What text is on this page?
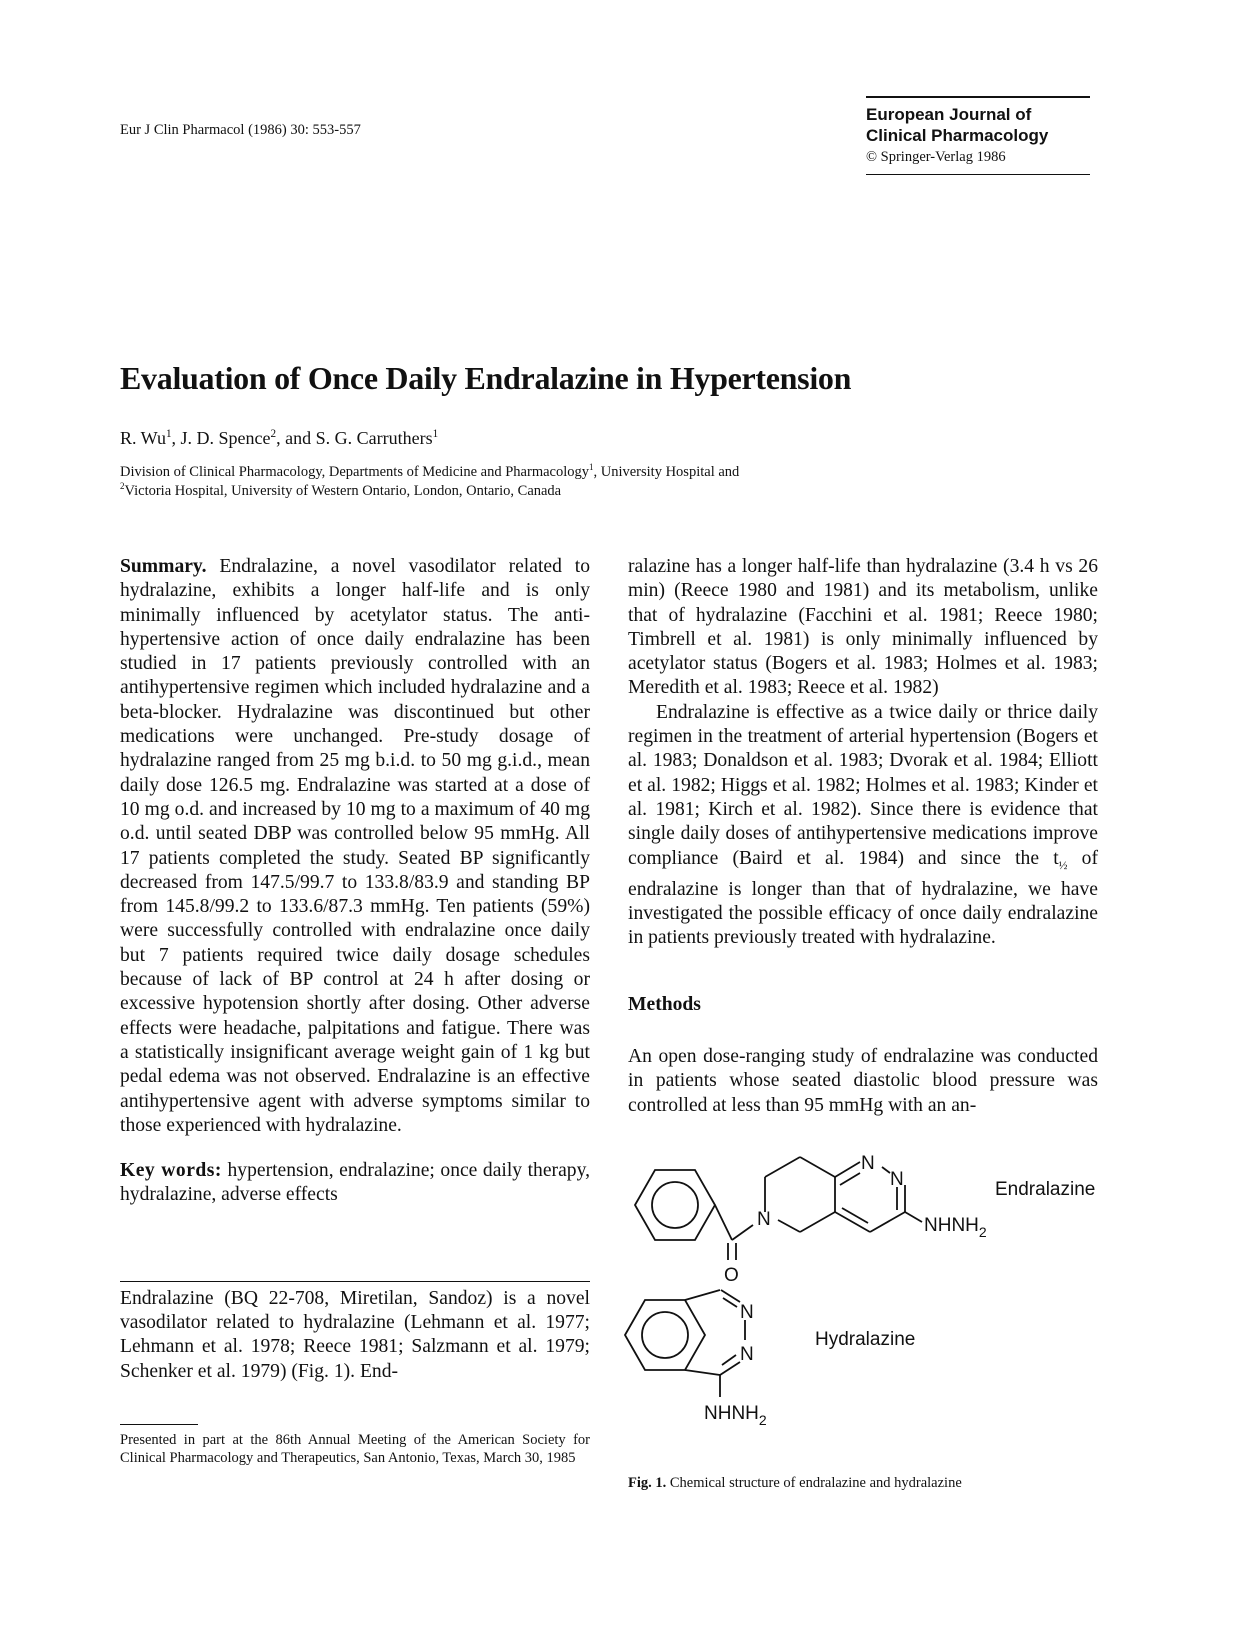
Eur J Clin Pharmacol (1986) 30: 553-557
European Journal of
Clinical Pharmacology
© Springer-Verlag 1986
Evaluation of Once Daily Endralazine in Hypertension
R. Wu$^1$, J. D. Spence$^2$, and S. G. Carruthers$^1$
Division of Clinical Pharmacology, Departments of Medicine and Pharmacology$^1$, University Hospital and
$^2$Victoria Hospital, University of Western Ontario, London, Ontario, Canada

Summary. Endralazine, a novel vasodilator related to hydralazine, exhibits a longer half-life and is only minimally influenced by acetylator status. The anti-hypertensive action of once daily endralazine has been studied in 17 patients previously controlled with an antihypertensive regimen which included hydralazine and a beta-blocker. Hydralazine was discontinued but other medications were unchanged. Pre-study dosage of hydralazine ranged from 25 mg b.i.d. to 50 mg g.i.d., mean daily dose 126.5 mg. Endralazine was started at a dose of 10 mg o.d. and increased by 10 mg to a maximum of 40 mg o.d. until seated DBP was controlled below 95 mmHg. All 17 patients completed the study. Seated BP significantly decreased from 147.5/99.7 to 133.8/83.9 and standing BP from 145.8/99.2 to 133.6/87.3 mmHg. Ten patients (59%) were successfully controlled with endralazine once daily but 7 patients required twice daily dosage schedules because of lack of BP control at 24 h after dosing or excessive hypotension shortly after dosing. Other adverse effects were headache, palpitations and fatigue. There was a statistically insignificant average weight gain of 1 kg but pedal edema was not observed. Endralazine is an effective antihypertensive agent with adverse symptoms similar to those experienced with hydralazine.

Key words: hypertension, endralazine; once daily therapy, hydralazine, adverse effects

Endralazine (BQ 22-708, Miretilan, Sandoz) is a novel vasodilator related to hydralazine (Lehmann et al. 1977; Lehmann et al. 1978; Reece 1981; Salzmann et al. 1979; Schenker et al. 1979) (Fig. 1). End-

Presented in part at the 86th Annual Meeting of the American Society for Clinical Pharmacology and Therapeutics, San Antonio, Texas, March 30, 1985

ralazine has a longer half-life than hydralazine (3.4 h vs 26 min) (Reece 1980 and 1981) and its metabolism, unlike that of hydralazine (Facchini et al. 1981; Reece 1980; Timbrell et al. 1981) is only minimally influenced by acetylator status (Bogers et al. 1983; Holmes et al. 1983; Meredith et al. 1983; Reece et al. 1982)

Endralazine is effective as a twice daily or thrice daily regimen in the treatment of arterial hypertension (Bogers et al. 1983; Donaldson et al. 1983; Dvorak et al. 1984; Elliott et al. 1982; Higgs et al. 1982; Holmes et al. 1983; Kinder et al. 1981; Kirch et al. 1982). Since there is evidence that single daily doses of antihypertensive medications improve compliance (Baird et al. 1984) and since the $t_{\frac{1}{2}}$ of endralazine is longer than that of hydralazine, we have investigated the possible efficacy of once daily endralazine in patients previously treated with hydralazine.

Methods

An open dose-ranging study of endralazine was conducted in patients whose seated diastolic blood pressure was controlled at less than 95 mmHg with an an-

N
N
N
O
$NHNH_2$
Endralazine
N
N
$NHNH_2$
Hydralazine
Fig. 1. Chemical structure of endralazine and hydralazine
